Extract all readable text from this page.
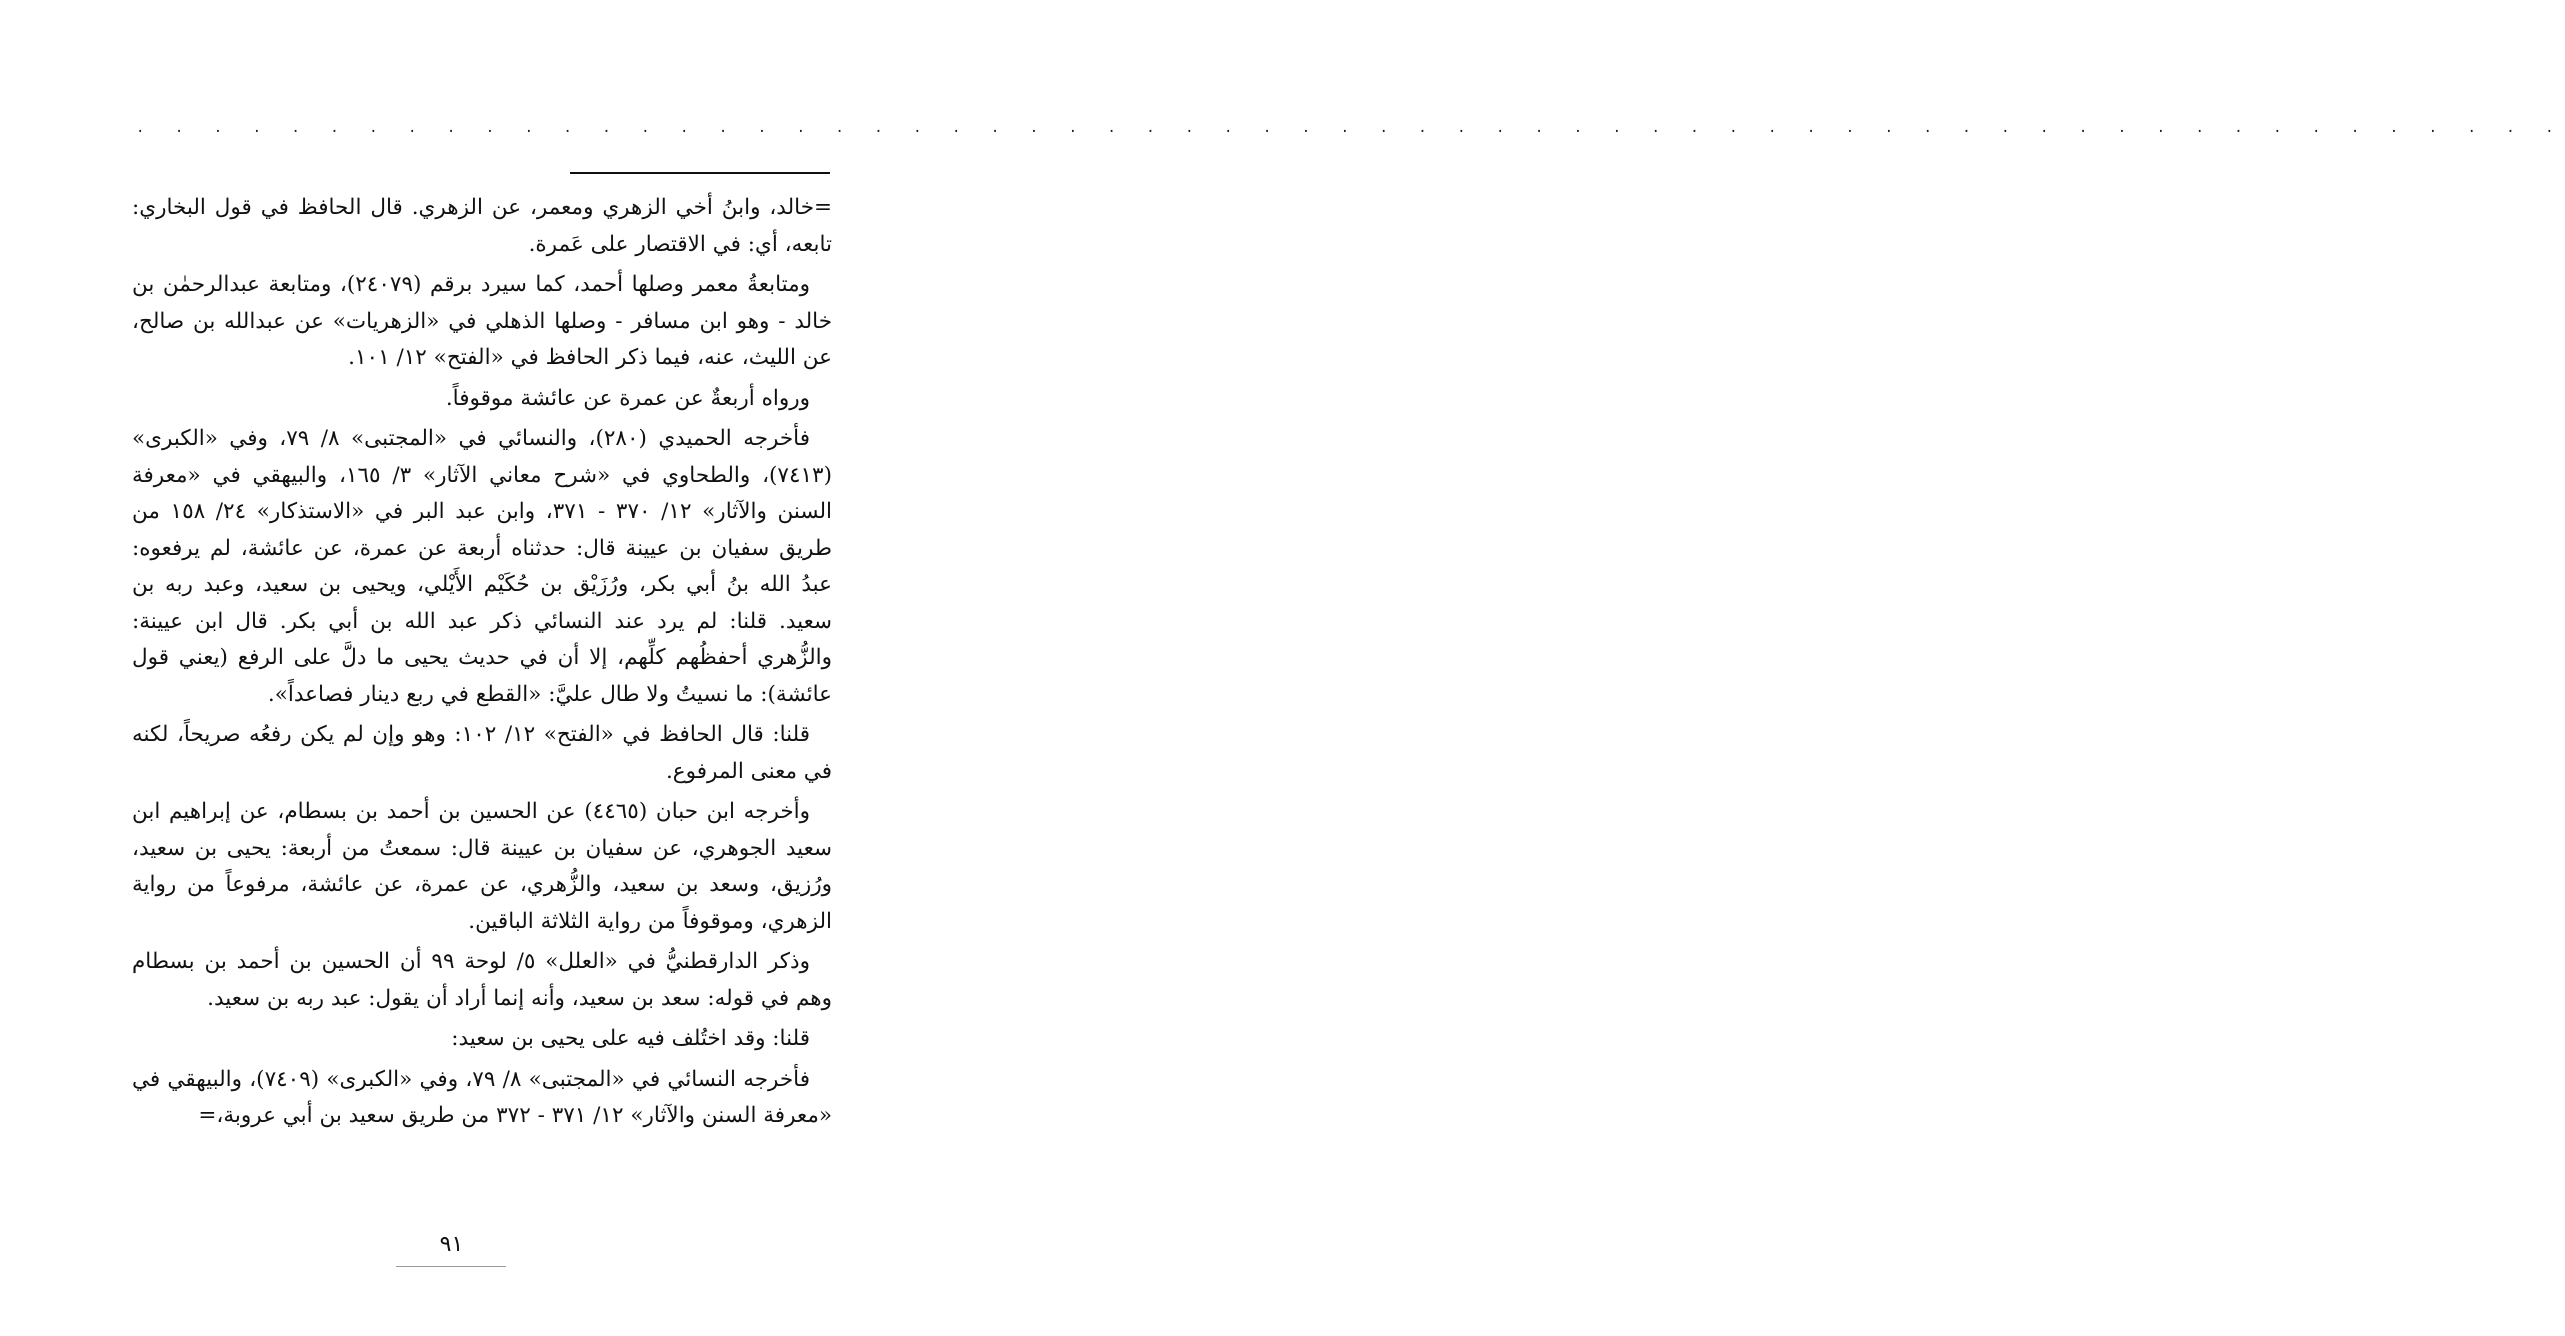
. . . . . . . . . . . . . . . . . . . . . . . . . . . . . . . . . . . . . . . . . . . . . . . . . . . . . . . . . . . . . . .

=خالد، وابنُ أخي الزهري ومعمر، عن الزهري. قال الحافظ في قول البخاري: تابعه، أي: في الاقتصار على عَمرة.

ومتابعةُ معمر وصلها أحمد، كما سيرد برقم (٢٤٠٧٩)، ومتابعة عبدالرحمٰن بن خالد - وهو ابن مسافر - وصلها الذهلي في «الزهريات» عن عبدالله بن صالح، عن الليث، عنه، فيما ذكر الحافظ في «الفتح» ١٢/ ١٠١.

ورواه أربعةٌ عن عمرة عن عائشة موقوفاً.

فأخرجه الحميدي (٢٨٠)، والنسائي في «المجتبى» ٨/ ٧٩، وفي «الكبرى» (٧٤١٣)، والطحاوي في «شرح معاني الآثار» ٣/ ١٦٥، والبيهقي في «معرفة السنن والآثار» ١٢/ ٣٧٠ - ٣٧١، وابن عبد البر في «الاستذكار» ٢٤/ ١٥٨ من طريق سفيان بن عيينة قال: حدثناه أربعة عن عمرة، عن عائشة، لم يرفعوه: عبدُ الله بنُ أبي بكر، ورُزَيْق بن حُكَيْم الأَيْلي، ويحيى بن سعيد، وعبد ربه بن سعيد. قلنا: لم يرد عند النسائي ذكر عبد الله بن أبي بكر. قال ابن عيينة: والزُّهري أحفظُهم كلِّهم، إلا أن في حديث يحيى ما دلَّ على الرفع (يعني قول عائشة): ما نسيتُ ولا طال عليَّ: «القطع في ربع دينار فصاعداً».

قلنا: قال الحافظ في «الفتح» ١٢/ ١٠٢: وهو وإن لم يكن رفعُه صريحاً، لكنه في معنى المرفوع.

وأخرجه ابن حبان (٤٤٦٥) عن الحسين بن أحمد بن بسطام، عن إبراهيم ابن سعيد الجوهري، عن سفيان بن عيينة قال: سمعتُ من أربعة: يحيى بن سعيد، ورُزيق، وسعد بن سعيد، والزُّهري، عن عمرة، عن عائشة، مرفوعاً من رواية الزهري، وموقوفاً من رواية الثلاثة الباقين.

وذكر الدارقطنيُّ في «العلل» ٥/ لوحة ٩٩ أن الحسين بن أحمد بن بسطام وهم في قوله: سعد بن سعيد، وأنه إنما أراد أن يقول: عبد ربه بن سعيد.

قلنا: وقد اختُلف فيه على يحيى بن سعيد:

فأخرجه النسائي في «المجتبى» ٨/ ٧٩، وفي «الكبرى» (٧٤٠٩)، والبيهقي في «معرفة السنن والآثار» ١٢/ ٣٧١ - ٣٧٢ من طريق سعيد بن أبي عروبة،=

٩١
